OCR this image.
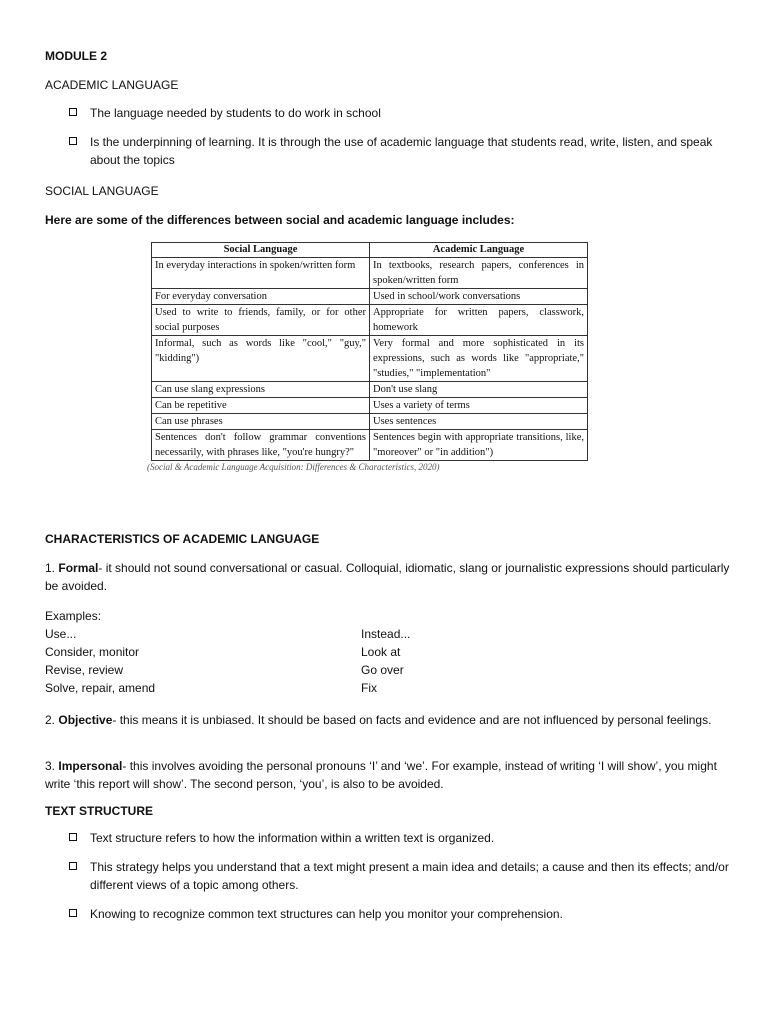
MODULE 2
ACADEMIC LANGUAGE
The language needed by students to do work in school
Is the underpinning of learning. It is through the use of academic language that students read, write, listen, and speak about the topics
SOCIAL LANGUAGE
Here are some of the differences between social and academic language includes:
Social Language	Academic Language
In everyday interactions in spoken/written form	In textbooks, research papers, conferences in spoken/written form
For everyday conversation	Used in school/work conversations
Used to write to friends, family, or for other social purposes	Appropriate for written papers, classwork, homework
Informal, such as words like "cool," "guy," "kidding")	Very formal and more sophisticated in its expressions, such as words like "appropriate," "studies," "implementation"
Can use slang expressions	Don't use slang
Can be repetitive	Uses a variety of terms
Can use phrases	Uses sentences
Sentences don't follow grammar conventions necessarily, with phrases like, "you're hungry?"	Sentences begin with appropriate transitions, like, "moreover" or "in addition")
(Social & Academic Language Acquisition: Differences & Characteristics, 2020)
CHARACTERISTICS OF ACADEMIC LANGUAGE

1. Formal- it should not sound conversational or casual. Colloquial, idiomatic, slang or journalistic expressions should particularly be avoided.

Examples:
Use...	Instead...
Consider, monitor	Look at
Revise, review	Go over
Solve, repair, amend	Fix

2. Objective- this means it is unbiased. It should be based on facts and evidence and are not influenced by personal feelings.

3. Impersonal- this involves avoiding the personal pronouns ‘I’ and ‘we’. For example, instead of writing ‘I will show’, you might write ‘this report will show’. The second person, ‘you’, is also to be avoided.

TEXT STRUCTURE
Text structure refers to how the information within a written text is organized.
This strategy helps you understand that a text might present a main idea and details; a cause and then its effects; and/or different views of a topic among others.
Knowing to recognize common text structures can help you monitor your comprehension.
